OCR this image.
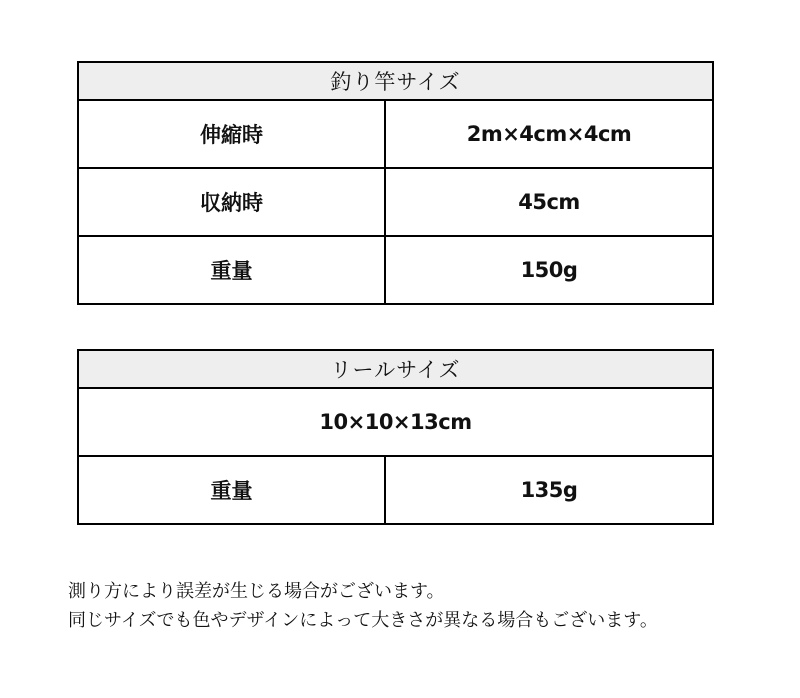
釣り竿サイズ	
伸縮時	2m×4cm×4cm
収納時	45cm
重量	150g
リールサイズ
10×10×13cm
重量	135g

測り方により誤差が生じる場合がございます。

同じサイズでも色やデザインによって大きさが異なる場合もございます。
